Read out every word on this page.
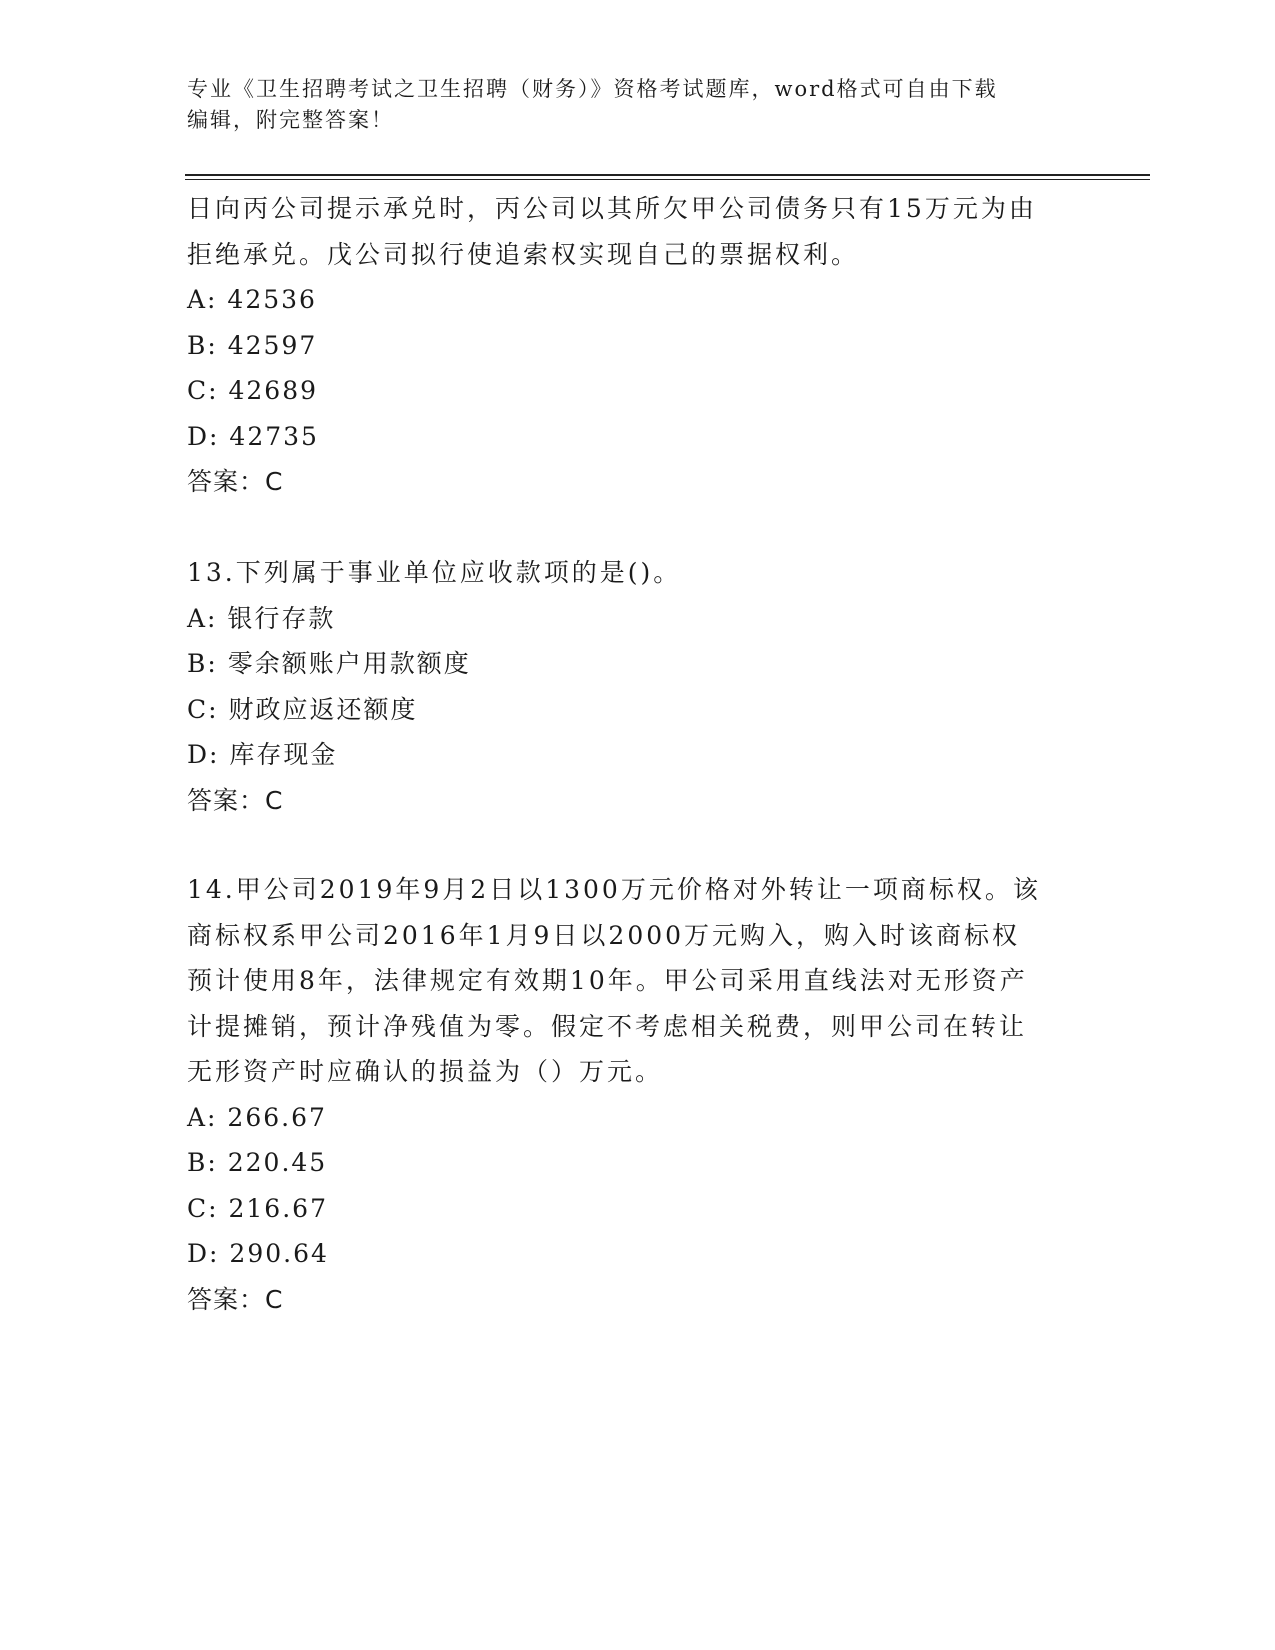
专业《卫生招聘考试之卫生招聘（财务）》资格考试题库，word格式可自由下载
编辑，附完整答案！

日向丙公司提示承兑时，丙公司以其所欠甲公司债务只有15万元为由

拒绝承兑。戊公司拟行使追索权实现自己的票据权利。

A: 42536

B: 42597

C: 42689

D: 42735

答案：C

13.下列属于事业单位应收款项的是()。

A: 银行存款

B: 零余额账户用款额度

C: 财政应返还额度

D: 库存现金

答案：C

14.甲公司2019年9月2日以1300万元价格对外转让一项商标权。该

商标权系甲公司2016年1月9日以2000万元购入，购入时该商标权

预计使用8年，法律规定有效期10年。甲公司采用直线法对无形资产

计提摊销，预计净残值为零。假定不考虑相关税费，则甲公司在转让

无形资产时应确认的损益为（）万元。

A: 266.67

B: 220.45

C: 216.67

D: 290.64

答案：C
